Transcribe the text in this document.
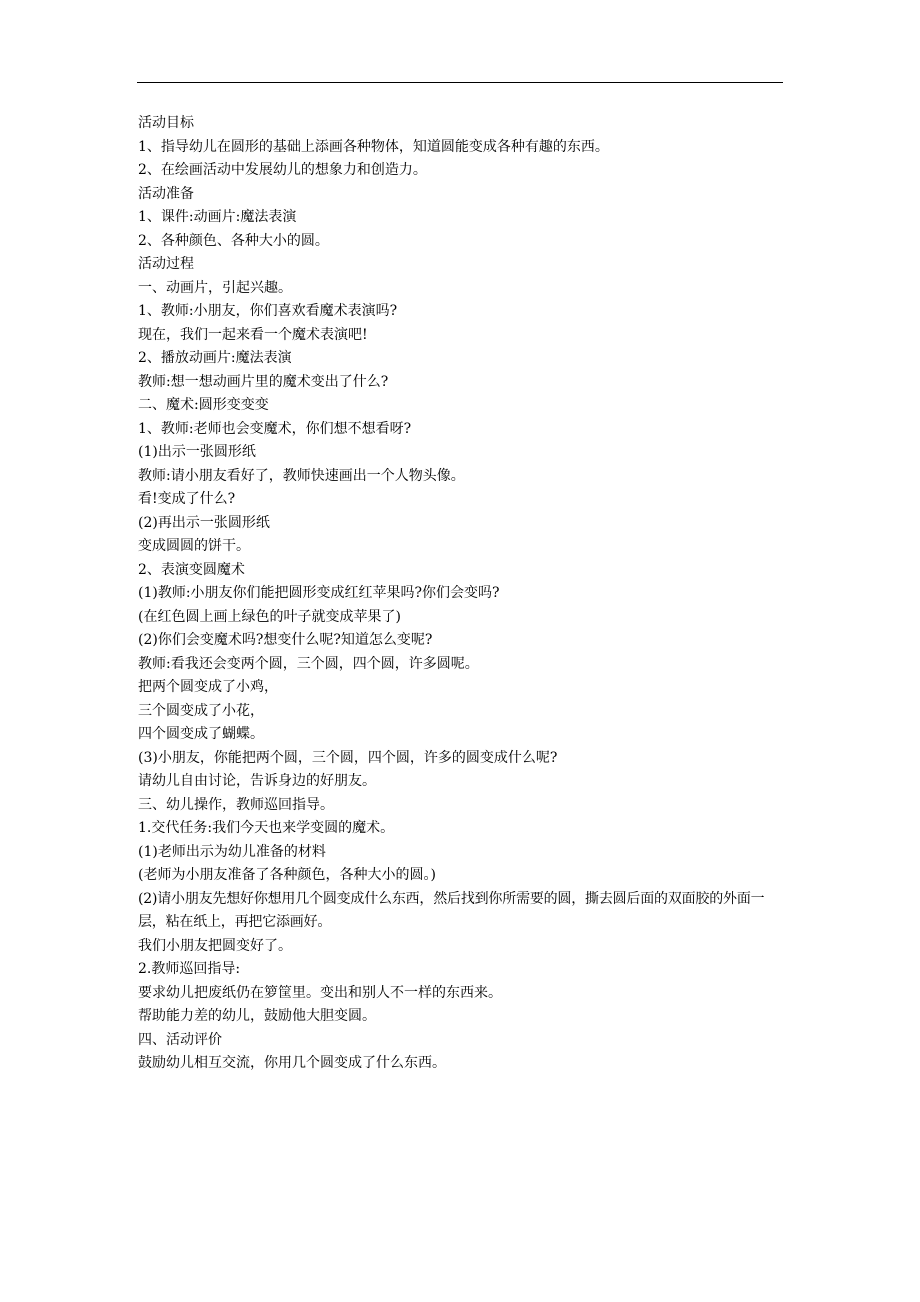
活动目标
1、指导幼儿在圆形的基础上添画各种物体，知道圆能变成各种有趣的东西。
2、在绘画活动中发展幼儿的想象力和创造力。
活动准备
1、课件:动画片:魔法表演
2、各种颜色、各种大小的圆。
活动过程
一、动画片，引起兴趣。
1、教师:小朋友，你们喜欢看魔术表演吗?
现在，我们一起来看一个魔术表演吧!
2、播放动画片:魔法表演
教师:想一想动画片里的魔术变出了什么?
二、魔术:圆形变变变
1、教师:老师也会变魔术，你们想不想看呀?
(1)出示一张圆形纸
教师:请小朋友看好了，教师快速画出一个人物头像。
看!变成了什么?
(2)再出示一张圆形纸
变成圆圆的饼干。
2、表演变圆魔术
(1)教师:小朋友你们能把圆形变成红红苹果吗?你们会变吗?
(在红色圆上画上绿色的叶子就变成苹果了)
(2)你们会变魔术吗?想变什么呢?知道怎么变呢?
教师:看我还会变两个圆，三个圆，四个圆，许多圆呢。
把两个圆变成了小鸡，
三个圆变成了小花，
四个圆变成了蝴蝶。
(3)小朋友，你能把两个圆，三个圆，四个圆，许多的圆变成什么呢?
请幼儿自由讨论，告诉身边的好朋友。
三、幼儿操作，教师巡回指导。
1.交代任务:我们今天也来学变圆的魔术。
(1)老师出示为幼儿准备的材料
(老师为小朋友准备了各种颜色，各种大小的圆。)
(2)请小朋友先想好你想用几个圆变成什么东西，然后找到你所需要的圆，撕去圆后面的双面胶的外面一层，粘在纸上，再把它添画好。
我们小朋友把圆变好了。
2.教师巡回指导:
要求幼儿把废纸仍在箩筐里。变出和别人不一样的东西来。
帮助能力差的幼儿，鼓励他大胆变圆。
四、活动评价
鼓励幼儿相互交流，你用几个圆变成了什么东西。
